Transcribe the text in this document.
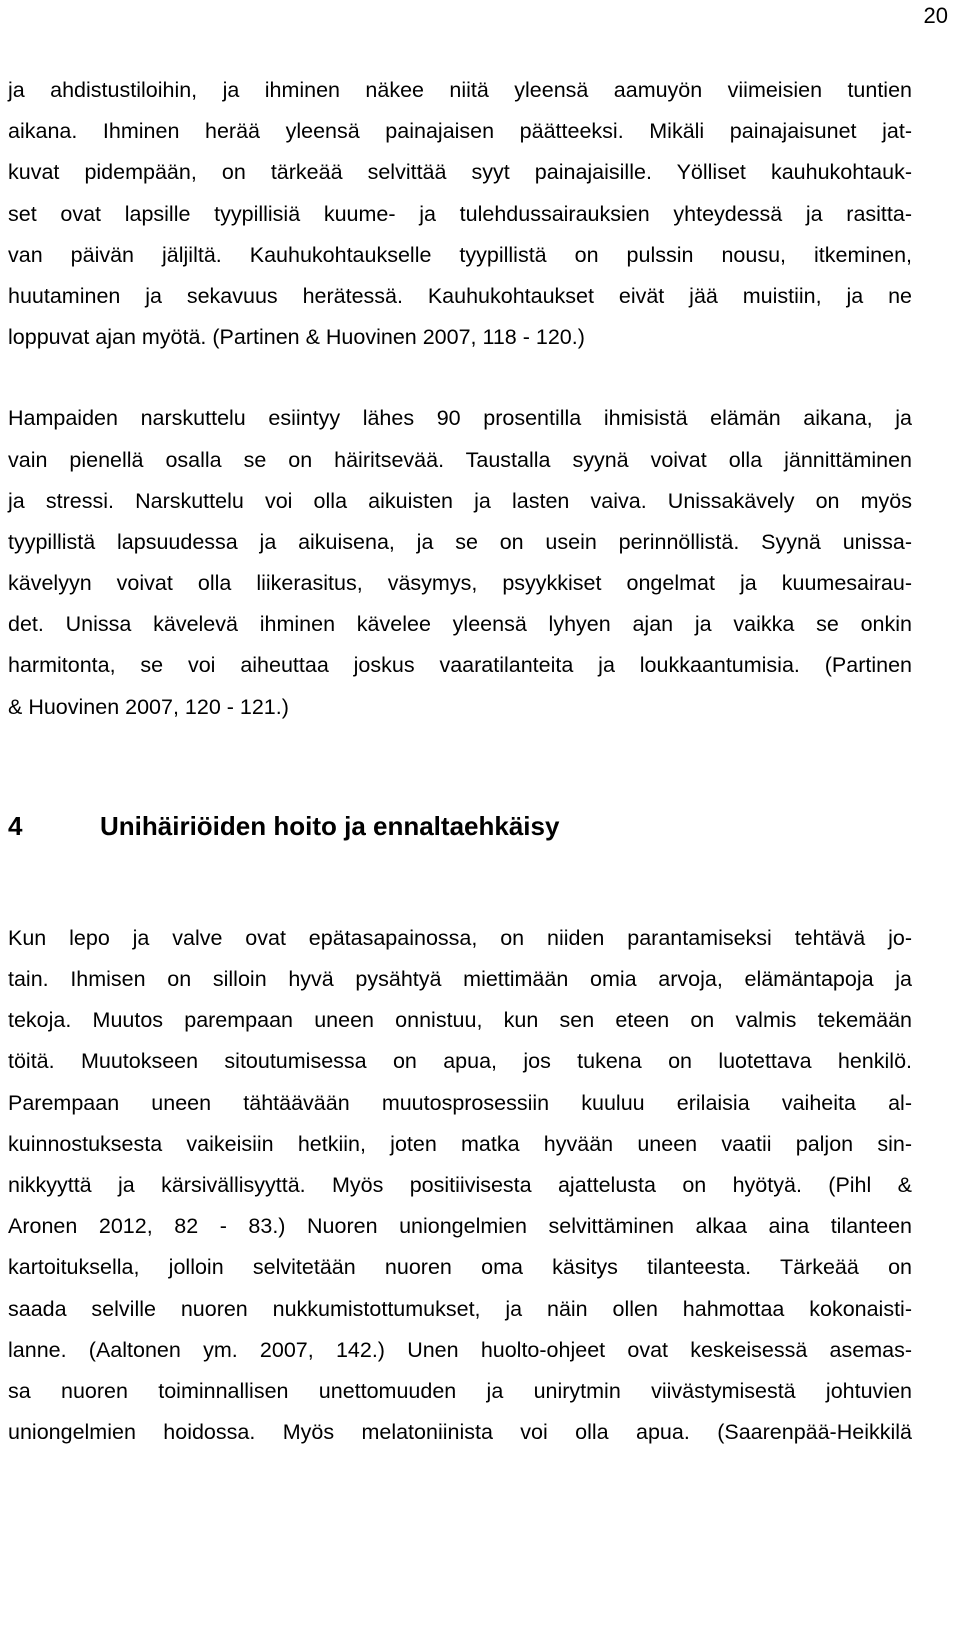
20
ja ahdistustiloihin, ja ihminen näkee niitä yleensä aamuyön viimeisien tuntien
aikana. Ihminen herää yleensä painajaisen päätteeksi. Mikäli painajaisunet jat-
kuvat pidempään, on tärkeää selvittää syyt painajaisille. Yölliset kauhukohtauk-
set ovat lapsille tyypillisiä kuume- ja tulehdussairauksien yhteydessä ja rasitta-
van päivän jäljiltä. Kauhukohtaukselle tyypillistä on pulssin nousu, itkeminen,
huutaminen ja sekavuus herätessä. Kauhukohtaukset eivät jää muistiin, ja ne
loppuvat ajan myötä. (Partinen & Huovinen 2007, 118 - 120.)
Hampaiden narskuttelu esiintyy lähes 90 prosentilla ihmisistä elämän aikana, ja
vain pienellä osalla se on häiritsevää. Taustalla syynä voivat olla jännittäminen
ja stressi. Narskuttelu voi olla aikuisten ja lasten vaiva. Unissakävely on myös
tyypillistä lapsuudessa ja aikuisena, ja se on usein perinnöllistä. Syynä unissa-
kävelyyn voivat olla liikerasitus, väsymys, psyykkiset ongelmat ja kuumesairau-
det. Unissa kävelevä ihminen kävelee yleensä lyhyen ajan ja vaikka se onkin
harmitonta, se voi aiheuttaa joskus vaaratilanteita ja loukkaantumisia. (Partinen
& Huovinen 2007, 120 - 121.)
4	Unihäiriöiden hoito ja ennaltaehkäisy
Kun lepo ja valve ovat epätasapainossa, on niiden parantamiseksi tehtävä jo-
tain. Ihmisen on silloin hyvä pysähtyä miettimään omia arvoja, elämäntapoja ja
tekoja. Muutos parempaan uneen onnistuu, kun sen eteen on valmis tekemään
töitä. Muutokseen sitoutumisessa on apua, jos tukena on luotettava henkilö.
Parempaan uneen tähtäävään muutosprosessiin kuuluu erilaisia vaiheita al-
kuinnostuksesta vaikeisiin hetkiin, joten matka hyvään uneen vaatii paljon sin-
nikkyyttä ja kärsivällisyyttä. Myös positiivisesta ajattelusta on hyötyä. (Pihl &
Aronen 2012, 82 - 83.) Nuoren uniongelmien selvittäminen alkaa aina tilanteen
kartoituksella, jolloin selvitetään nuoren oma käsitys tilanteesta. Tärkeää on
saada selville nuoren nukkumistottumukset, ja näin ollen hahmottaa kokonaisti-
lanne. (Aaltonen ym. 2007, 142.) Unen huolto-ohjeet ovat keskeisessä asemas-
sa nuoren toiminnallisen unettomuuden ja unirytmin viivästymisestä johtuvien
uniongelmien hoidossa. Myös melatoniinista voi olla apua. (Saarenpää-Heikkilä
